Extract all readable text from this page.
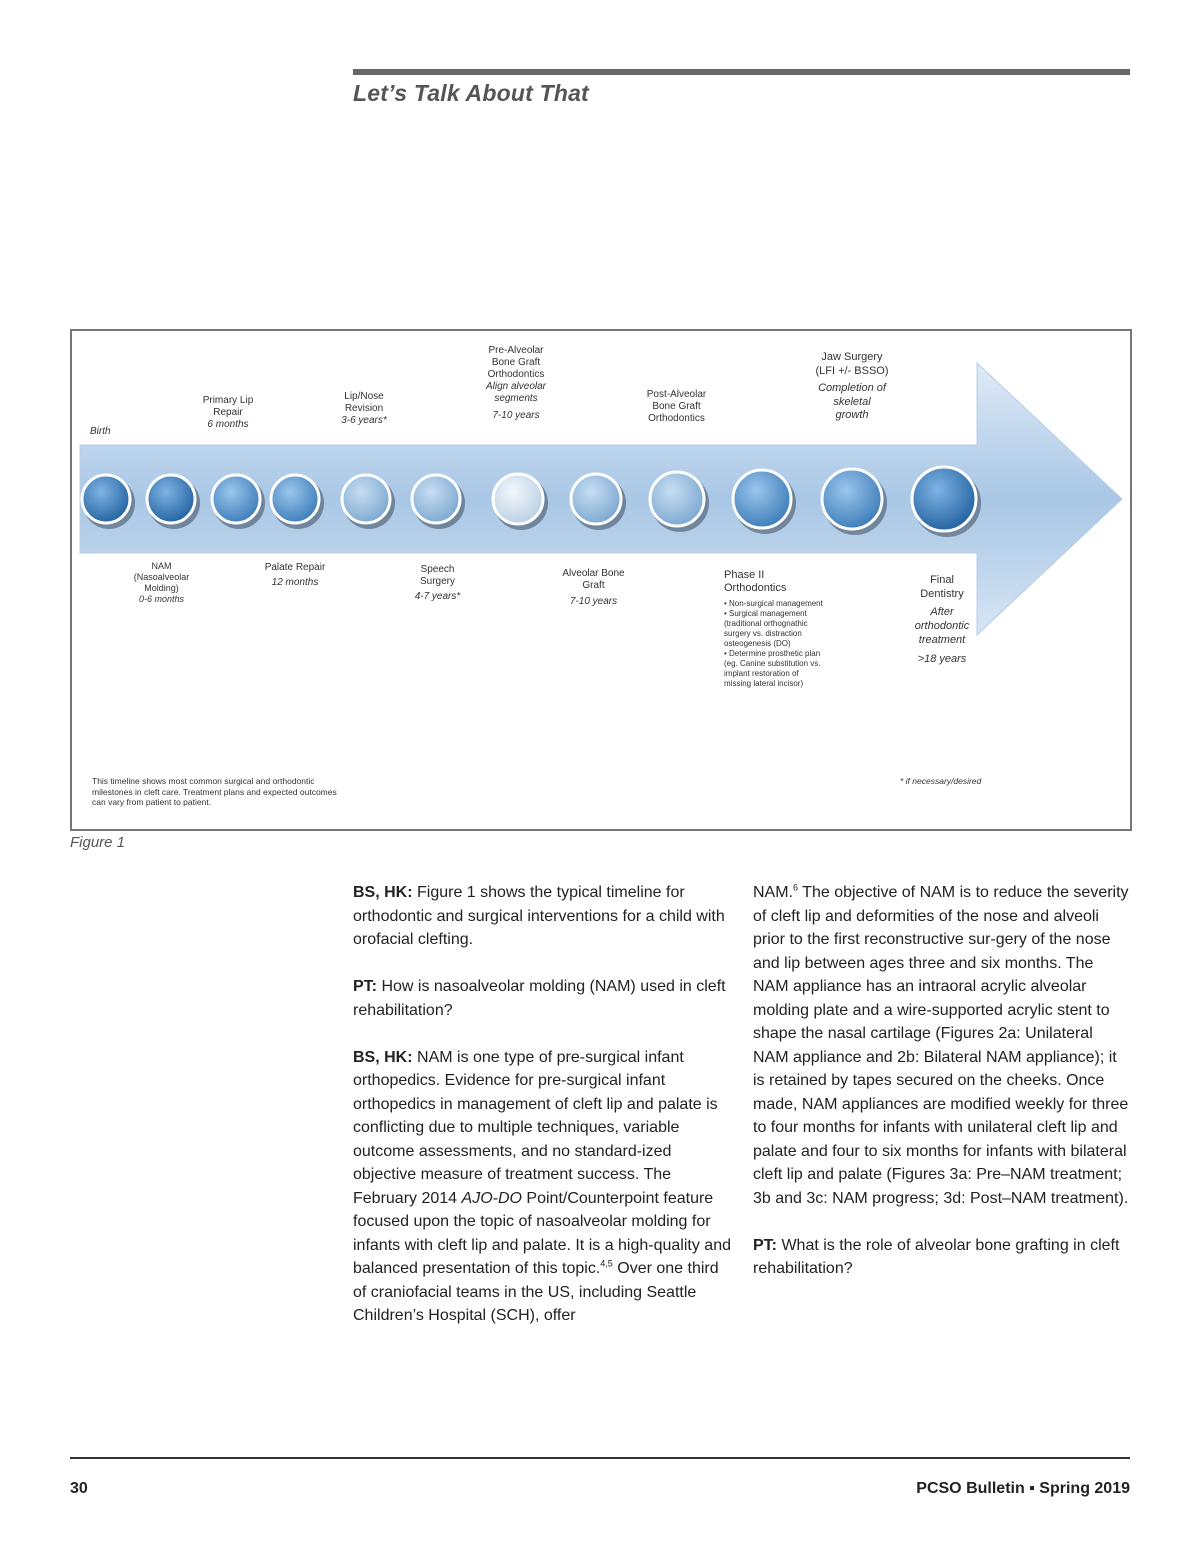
Let’s Talk About That
Birth
Primary Lip
Repair
6 months
Lip/Nose
Revision
3-6 years*
Pre-Alveolar
Bone Graft
Orthodontics
Align alveolar
segments
7-10 years
Post-Alveolar
Bone Graft
Orthodontics
Jaw Surgery
(LFI +/- BSSO)
Completion of
skeletal
growth
NAM
(Nasoalveolar
Molding)
0-6 months
Palate Repair
12 months
Speech
Surgery
4-7 years*
Alveolar Bone
Graft
7-10 years
Phase II
Orthodontics
• Non-surgical management
• Surgical management (traditional orthognathic surgery vs. distraction osteogenesis (DO)
• Determine prosthetic plan (eg. Canine substitution vs. implant restoration of missing lateral incisor)
Final
Dentistry
After
orthodontic
treatment
>18 years
This timeline shows most common surgical and orthodontic milestones in cleft care. Treatment plans and expected outcomes can vary from patient to patient.
* if necessary/desired
Figure 1

BS, HK: Figure 1 shows the typical timeline for orthodontic and surgical interventions for a child with orofacial clefting.

PT: How is nasoalveolar molding (NAM) used in cleft rehabilitation?

BS, HK: NAM is one type of pre-surgical infant orthopedics. Evidence for pre-surgical infant orthopedics in management of cleft lip and palate is conflicting due to multiple techniques, variable outcome assessments, and no standard-ized objective measure of treatment success. The February 2014 AJO-DO Point/Counterpoint feature focused upon the topic of nasoalveolar molding for infants with cleft lip and palate. It is a high-quality and balanced presentation of this topic.$^{4,5}$ Over one third of craniofacial teams in the US, including Seattle Children’s Hospital (SCH), offer

NAM.$^6$ The objective of NAM is to reduce the severity of cleft lip and deformities of the nose and alveoli prior to the first reconstructive sur-gery of the nose and lip between ages three and six months. The NAM appliance has an intraoral acrylic alveolar molding plate and a wire-supported acrylic stent to shape the nasal cartilage (Figures 2a: Unilateral NAM appliance and 2b: Bilateral NAM appliance); it is retained by tapes secured on the cheeks. Once made, NAM appliances are modified weekly for three to four months for infants with unilateral cleft lip and palate and four to six months for infants with bilateral cleft lip and palate (Figures 3a: Pre–NAM treatment; 3b and 3c: NAM progress; 3d: Post–NAM treatment).

PT: What is the role of alveolar bone grafting in cleft rehabilitation?

30	PCSO Bulletin ▪ Spring 2019
